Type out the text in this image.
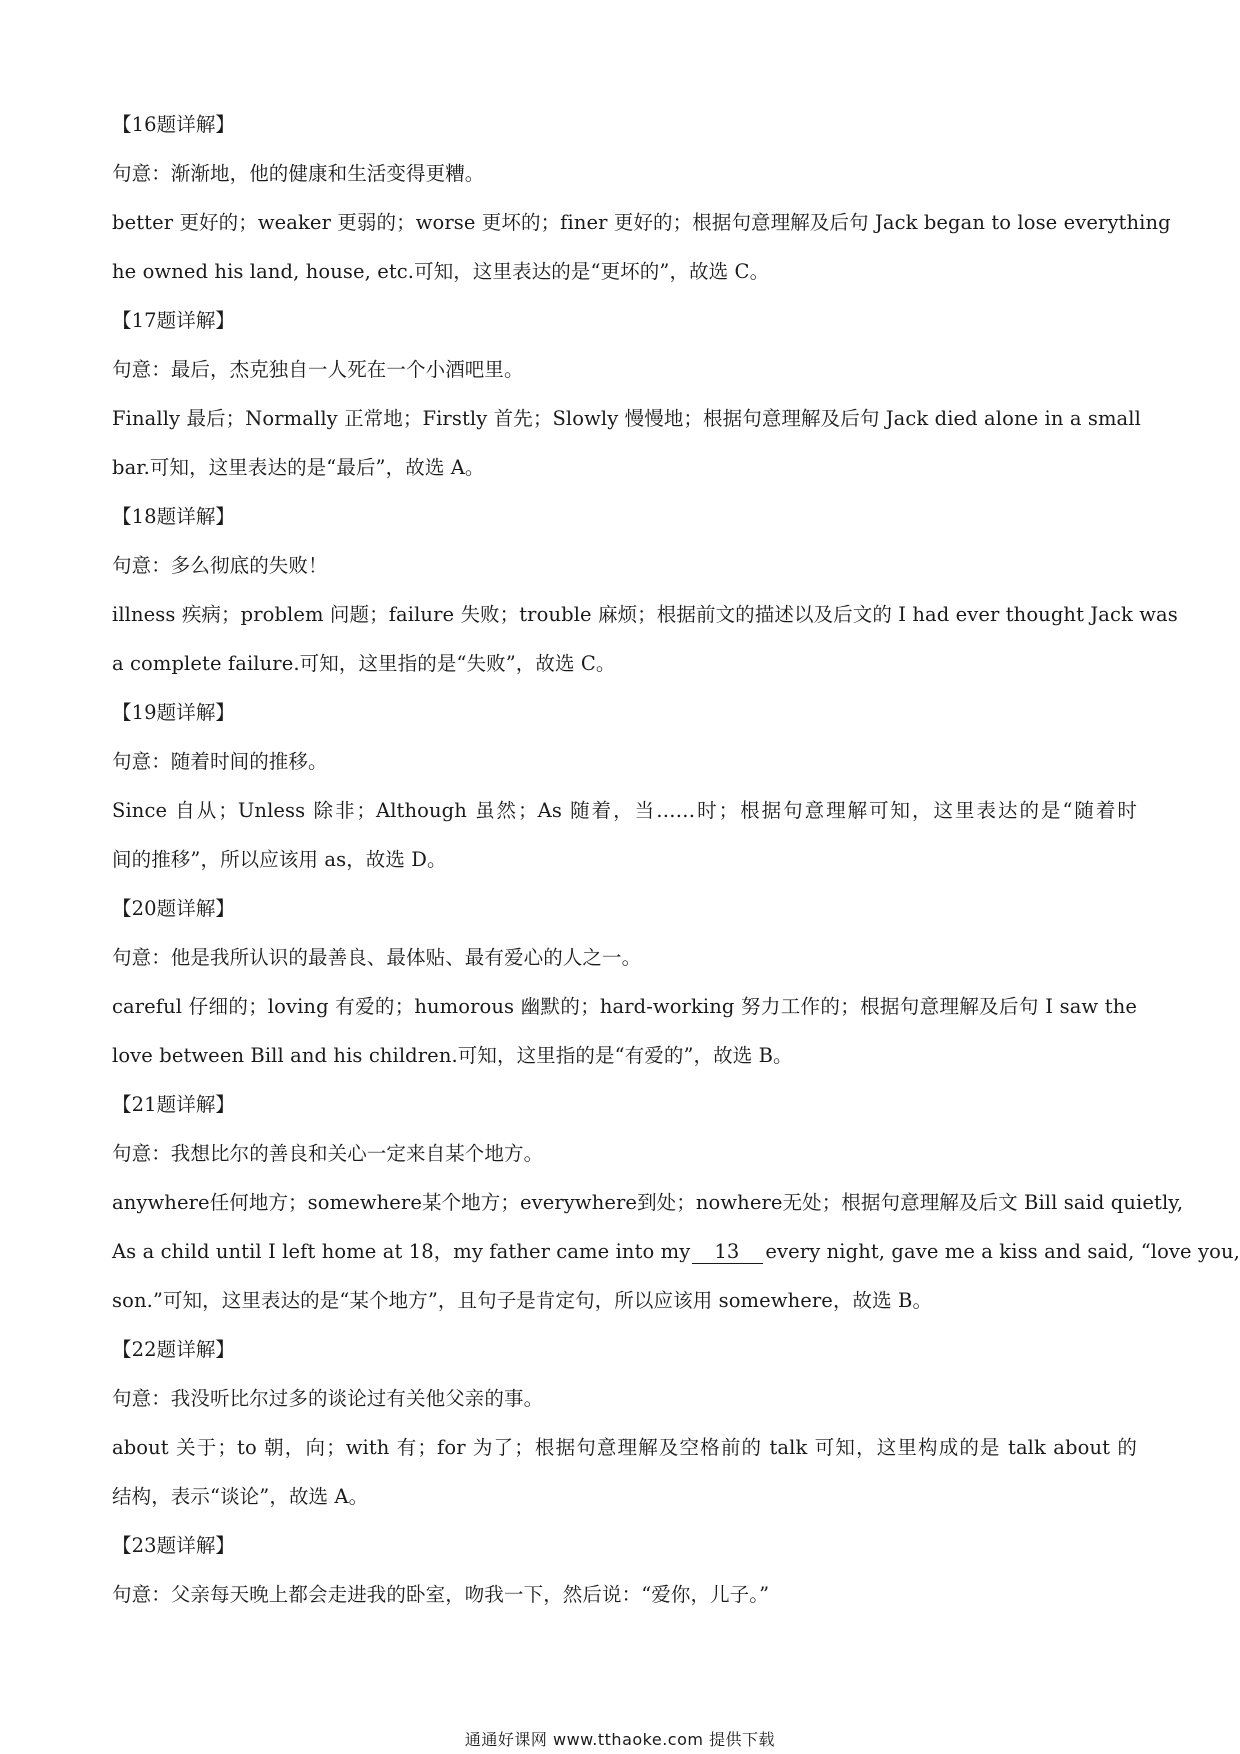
【16题详解】
句意：渐渐地，他的健康和生活变得更糟。
better 更好的；weaker 更弱的；worse 更坏的；finer 更好的；根据句意理解及后句 Jack began to lose everything
he owned his land, house, etc.可知，这里表达的是“更坏的”，故选 C。
【17题详解】
句意：最后，杰克独自一人死在一个小酒吧里。
Finally 最后；Normally 正常地；Firstly 首先；Slowly 慢慢地；根据句意理解及后句 Jack died alone in a small
bar.可知，这里表达的是“最后”，故选 A。
【18题详解】
句意：多么彻底的失败！
illness 疾病；problem 问题；failure 失败；trouble 麻烦；根据前文的描述以及后文的 I had ever thought Jack was
a complete failure.可知，这里指的是“失败”，故选 C。
【19题详解】
句意：随着时间的推移。
Since 自从；Unless 除非；Although 虽然；As 随着，当……时；根据句意理解可知，这里表达的是“随着时
间的推移”，所以应该用 as，故选 D。
【20题详解】
句意：他是我所认识的最善良、最体贴、最有爱心的人之一。
careful 仔细的；loving 有爱的；humorous 幽默的；hard-working 努力工作的；根据句意理解及后句 I saw the
love between Bill and his children.可知，这里指的是“有爱的”，故选 B。
【21题详解】
句意：我想比尔的善良和关心一定来自某个地方。
anywhere任何地方；somewhere某个地方；everywhere到处；nowhere无处；根据句意理解及后文 Bill said quietly,
As a child until I left home at 18，my father came into my 13 every night, gave me a kiss and said, “love you,
son.”可知，这里表达的是“某个地方”，且句子是肯定句，所以应该用 somewhere，故选 B。
【22题详解】
句意：我没听比尔过多的谈论过有关他父亲的事。
about 关于；to 朝，向；with 有；for 为了；根据句意理解及空格前的 talk 可知，这里构成的是 talk about 的
结构，表示“谈论”，故选 A。
【23题详解】
句意：父亲每天晚上都会走进我的卧室，吻我一下，然后说：“爱你，儿子。”
通通好课网 www.tthaoke.com 提供下载
